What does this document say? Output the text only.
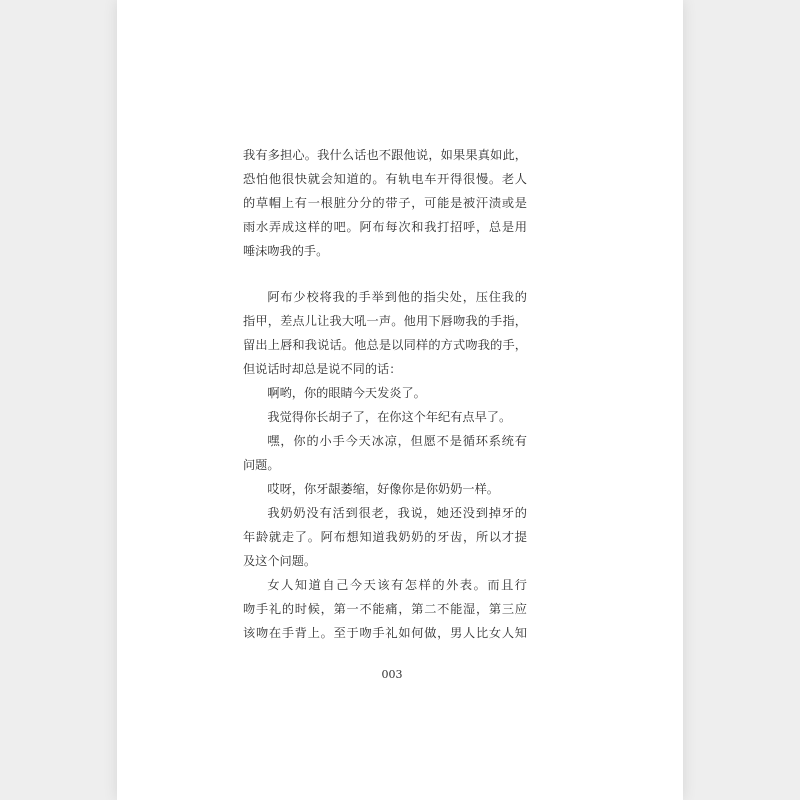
我有多担心。我什么话也不跟他说，如果果真如此，
恐怕他很快就会知道的。有轨电车开得很慢。老人
的草帽上有一根脏分分的带子，可能是被汗渍或是
雨水弄成这样的吧。阿布每次和我打招呼，总是用
唾沫吻我的手。
阿布少校将我的手举到他的指尖处，压住我的
指甲，差点儿让我大吼一声。他用下唇吻我的手指，
留出上唇和我说话。他总是以同样的方式吻我的手，
但说话时却总是说不同的话：
啊哟，你的眼睛今天发炎了。
我觉得你长胡子了，在你这个年纪有点早了。
嘿，你的小手今天冰凉，但愿不是循环系统有
问题。
哎呀，你牙龈萎缩，好像你是你奶奶一样。
我奶奶没有活到很老，我说，她还没到掉牙的
年龄就走了。阿布想知道我奶奶的牙齿，所以才提
及这个问题。
女人知道自己今天该有怎样的外表。而且行
吻手礼的时候，第一不能痛，第二不能湿，第三应
该吻在手背上。至于吻手礼如何做，男人比女人知
003
